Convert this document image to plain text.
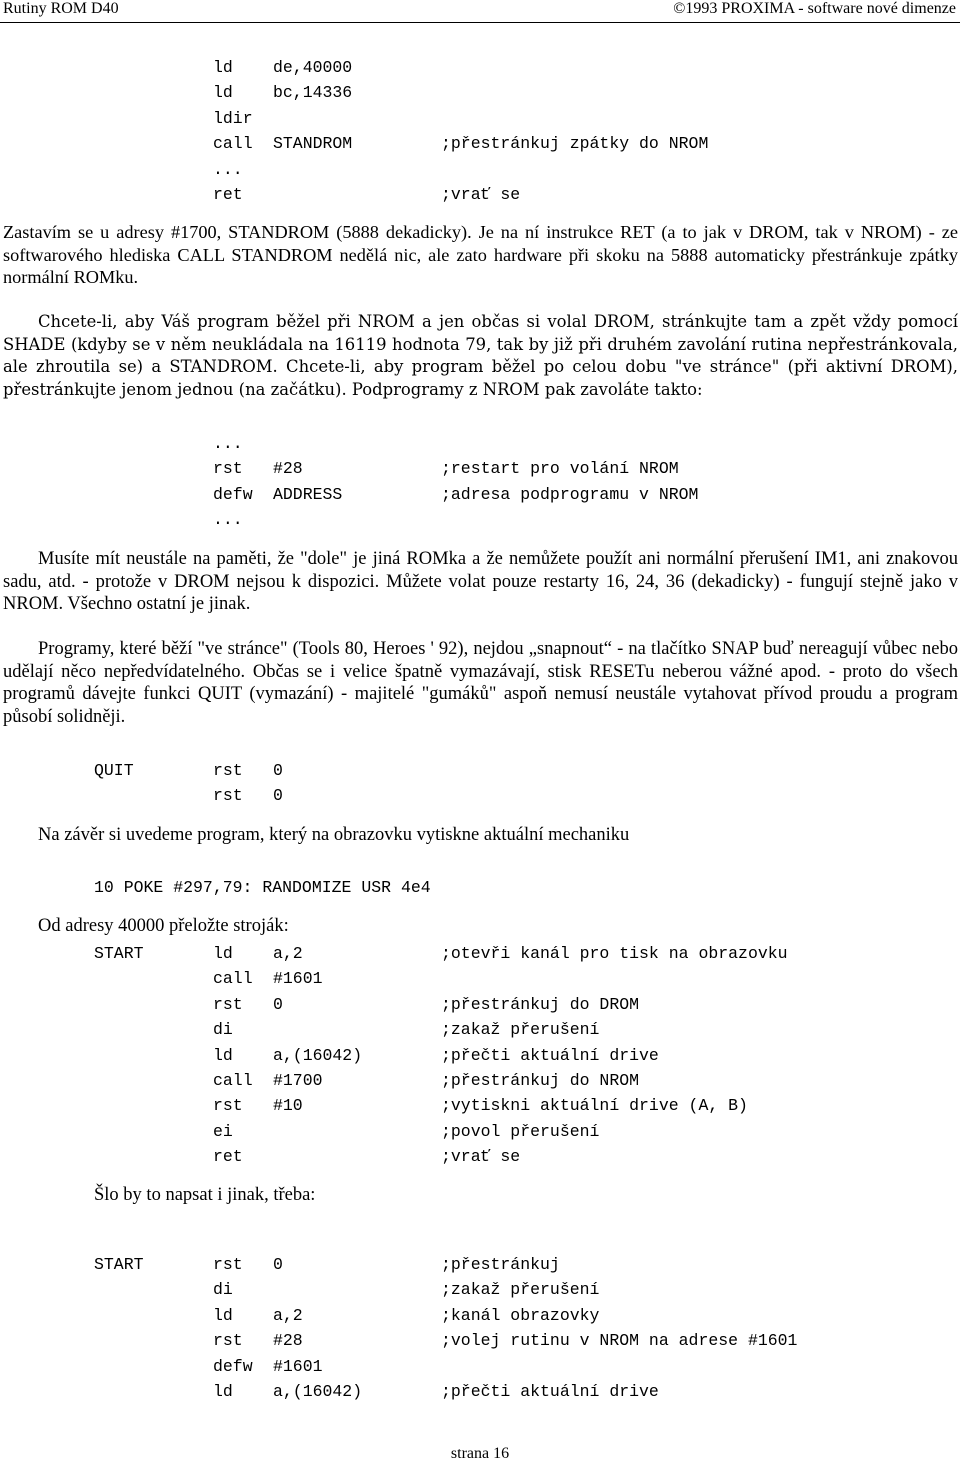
Rutiny ROM D40	©1993 PROXIMA - software nové dimenze
ld de,40000
ld bc,14336
ldir
call STANDROM	;přestránkuj zpátky do NROM
...
ret	;vrať se
Zastavím se u adresy #1700, STANDROM (5888 dekadicky). Je na ní instrukce RET (a to jak v DROM, tak v NROM) - ze softwarového hlediska CALL STANDROM nedělá nic, ale zato hardware při skoku na 5888 automaticky přestránkuje zpátky normální ROMku.
Chcete-li, aby Váš program běžel při NROM a jen občas si volal DROM, stránkujte tam a zpět vždy pomocí SHADE (kdyby se v něm neukládala na 16119 hodnota 79, tak by již při druhém zavolání rutina nepřestránkovala, ale zhroutila se) a STANDROM. Chcete-li, aby program běžel po celou dobu "ve stránce" (při aktivní DROM), přestránkujte jenom jednou (na začátku). Podprogramy z NROM pak zavoláte takto:
...
rst #28	;restart pro volání NROM
defw ADDRESS	;adresa podprogramu v NROM
...
Musíte mít neustále na paměti, že "dole" je jiná ROMka a že nemůžete použít ani normální přerušení IM1, ani znakovou sadu, atd. - protože v DROM nejsou k dispozici. Můžete volat pouze restarty 16, 24, 36 (dekadicky) - fungují stejně jako v NROM. Všechno ostatní je jinak.
Programy, které běží "ve stránce" (Tools 80, Heroes ' 92), nejdou „snapnout“ - na tlačítko SNAP buď nereagují vůbec nebo udělají něco nepředvídatelného. Občas se i velice špatně vymazávají, stisk RESETu neberou vážné apod. - proto do všech programů dávejte funkci QUIT (vymazání) - majitelé "gumáků" aspoň nemusí neustále vytahovat přívod proudu a program působí solidněji.
QUIT	rst 0
rst 0
Na závěr si uvedeme program, který na obrazovku vytiskne aktuální mechaniku
10 POKE #297,79: RANDOMIZE USR 4e4
Od adresy 40000 přeložte stroják:
START	ld a,2	;otevři kanál pro tisk na obrazovku
call #1601
rst 0	;přestránkuj do DROM
di	;zakaž přerušení
ld a,(16042)	;přečti aktuální drive
call #1700	;přestránkuj do NROM
rst #10	;vytiskni aktuální drive (A, B)
ei	;povol přerušení
ret	;vrať se
Šlo by to napsat i jinak, třeba:
START	rst 0	;přestránkuj
di	;zakaž přerušení
ld a,2	;kanál obrazovky
rst #28	;volej rutinu v NROM na adrese #1601
defw #1601
ld a,(16042)	;přečti aktuální drive
strana 16
